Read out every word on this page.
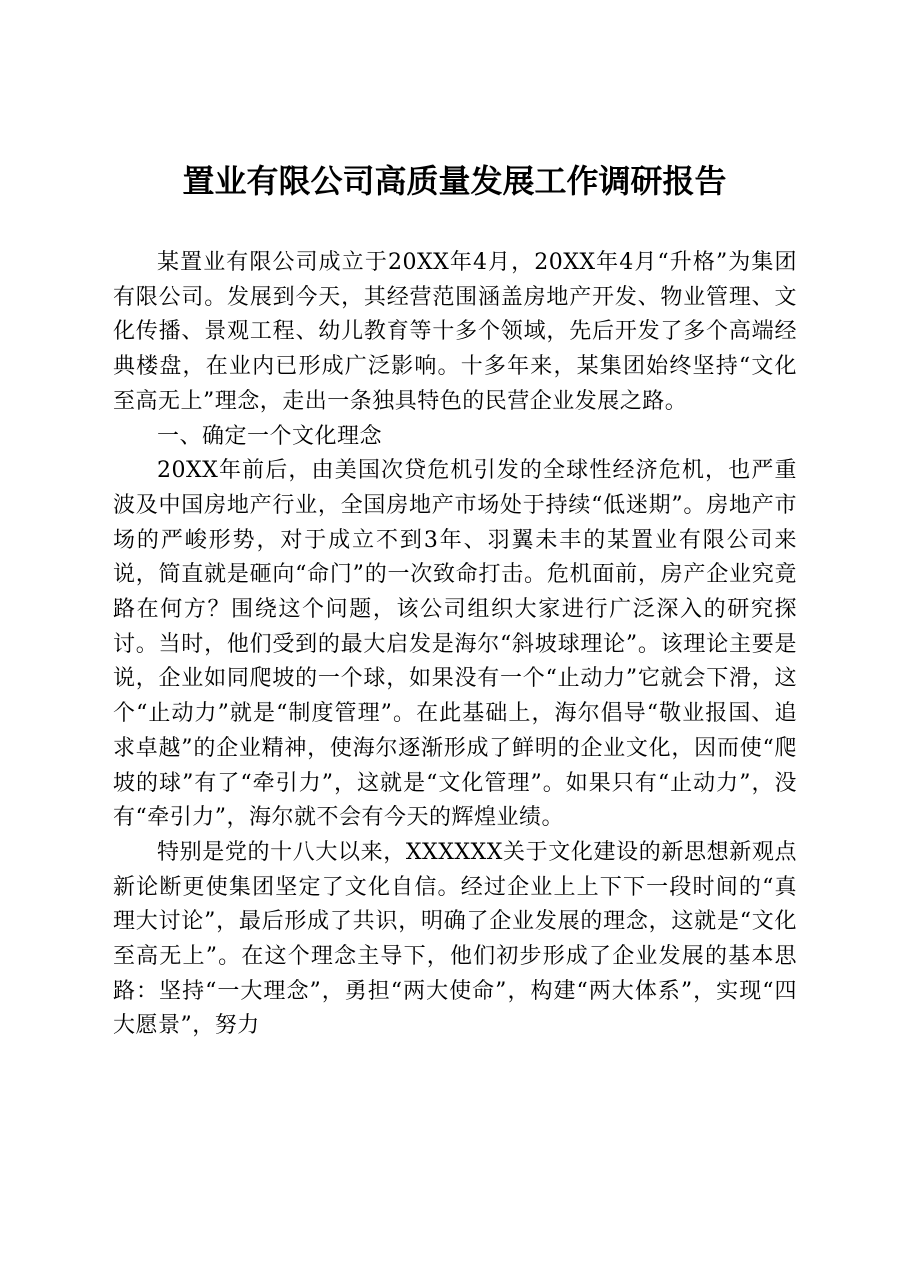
置业有限公司高质量发展工作调研报告

某置业有限公司成立于20XX年4月，20XX年4月“升格”为集团有限公司。发展到今天，其经营范围涵盖房地产开发、物业管理、文化传播、景观工程、幼儿教育等十多个领域，先后开发了多个高端经典楼盘，在业内已形成广泛影响。十多年来，某集团始终坚持“文化至高无上”理念，走出一条独具特色的民营企业发展之路。

一、确定一个文化理念

20XX年前后，由美国次贷危机引发的全球性经济危机，也严重波及中国房地产行业，全国房地产市场处于持续“低迷期”。房地产市场的严峻形势，对于成立不到3年、羽翼未丰的某置业有限公司来说，简直就是砸向“命门”的一次致命打击。危机面前，房产企业究竟路在何方？围绕这个问题，该公司组织大家进行广泛深入的研究探讨。当时，他们受到的最大启发是海尔“斜坡球理论”。该理论主要是说，企业如同爬坡的一个球，如果没有一个“止动力”它就会下滑，这个“止动力”就是“制度管理”。在此基础上，海尔倡导“敬业报国、追求卓越”的企业精神，使海尔逐渐形成了鲜明的企业文化，因而使“爬坡的球”有了“牵引力”，这就是“文化管理”。如果只有“止动力”，没有“牵引力”，海尔就不会有今天的辉煌业绩。

特别是党的十八大以来，XXXXXX关于文化建设的新思想新观点新论断更使集团坚定了文化自信。经过企业上上下下一段时间的“真理大讨论”，最后形成了共识，明确了企业发展的理念，这就是“文化至高无上”。在这个理念主导下，他们初步形成了企业发展的基本思路：坚持“一大理念”，勇担“两大使命”，构建“两大体系”，实现“四大愿景”，努力
